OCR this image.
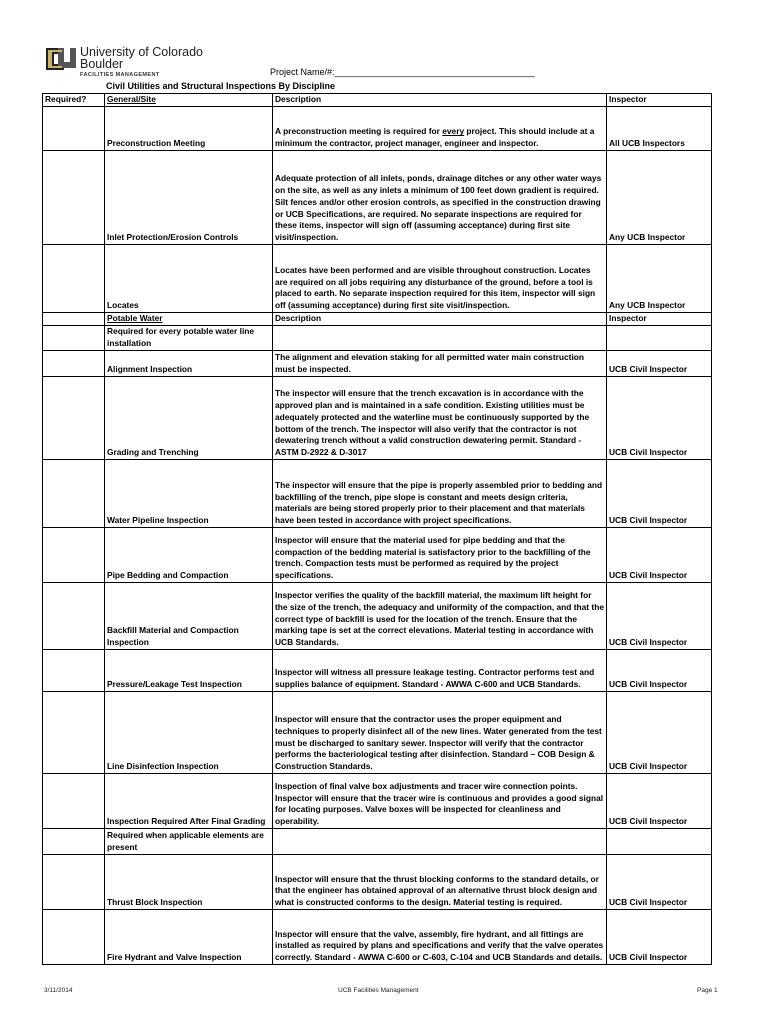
University of Colorado
Boulder
FACILITIES MANAGEMENT	Project Name/#:________________________________________
Civil Utilities and Structural Inspections By Discipline
Required?	General/Site	Description	Inspector
	Preconstruction Meeting	A preconstruction meeting is required for every project. This should include at a minimum the contractor, project manager, engineer and inspector.	All UCB Inspectors
	Inlet Protection/Erosion Controls	Adequate protection of all inlets, ponds, drainage ditches or any other water ways on the site, as well as any inlets a minimum of 100 feet down gradient is required. Silt fences and/or other erosion controls, as specified in the construction drawing or UCB Specifications, are required. No separate inspections are required for these items, inspector will sign off (assuming acceptance) during first site visit/inspection.	Any UCB Inspector
	Locates	Locates have been performed and are visible throughout construction. Locates are required on all jobs requiring any disturbance of the ground, before a tool is placed to earth. No separate inspection required for this item, inspector will sign off (assuming acceptance) during first site visit/inspection.	Any UCB Inspector
	Potable Water	Description	Inspector
	Required for every potable water line installation		
	Alignment Inspection	The alignment and elevation staking for all permitted water main construction must be inspected.	UCB Civil Inspector
	Grading and Trenching	The inspector will ensure that the trench excavation is in accordance with the approved plan and is maintained in a safe condition. Existing utilities must be adequately protected and the waterline must be continuously supported by the bottom of the trench. The inspector will also verify that the contractor is not dewatering trench without a valid construction dewatering permit. Standard - ASTM D-2922 & D-3017	UCB Civil Inspector
	Water Pipeline Inspection	The inspector will ensure that the pipe is properly assembled prior to bedding and backfilling of the trench, pipe slope is constant and meets design criteria, materials are being stored properly prior to their placement and that materials have been tested in accordance with project specifications.	UCB Civil Inspector
	Pipe Bedding and Compaction	Inspector will ensure that the material used for pipe bedding and that the compaction of the bedding material is satisfactory prior to the backfilling of the trench. Compaction tests must be performed as required by the project specifications.	UCB Civil Inspector
	Backfill Material and Compaction Inspection	Inspector verifies the quality of the backfill material, the maximum lift height for the size of the trench, the adequacy and uniformity of the compaction, and that the correct type of backfill is used for the location of the trench. Ensure that the marking tape is set at the correct elevations. Material testing in accordance with UCB Standards.	UCB Civil Inspector
	Pressure/Leakage Test Inspection	Inspector will witness all pressure leakage testing. Contractor performs test and supplies balance of equipment. Standard - AWWA C-600 and UCB Standards.	UCB Civil Inspector
	Line Disinfection Inspection	Inspector will ensure that the contractor uses the proper equipment and techniques to properly disinfect all of the new lines. Water generated from the test must be discharged to sanitary sewer. Inspector will verify that the contractor performs the bacteriological testing after disinfection. Standard – COB Design & Construction Standards.	UCB Civil Inspector
	Inspection Required After Final Grading	Inspection of final valve box adjustments and tracer wire connection points. Inspector will ensure that the tracer wire is continuous and provides a good signal for locating purposes. Valve boxes will be inspected for cleanliness and operability.	UCB Civil Inspector
	Required when applicable elements are present		
	Thrust Block Inspection	Inspector will ensure that the thrust blocking conforms to the standard details, or that the engineer has obtained approval of an alternative thrust block design and what is constructed conforms to the design. Material testing is required.	UCB Civil Inspector
	Fire Hydrant and Valve Inspection	Inspector will ensure that the valve, assembly, fire hydrant, and all fittings are installed as required by plans and specifications and verify that the valve operates correctly. Standard - AWWA C-600 or C-603, C-104 and UCB Standards and details.	UCB Civil Inspector
3/11/2014	UCB Facilities Management	Page 1
